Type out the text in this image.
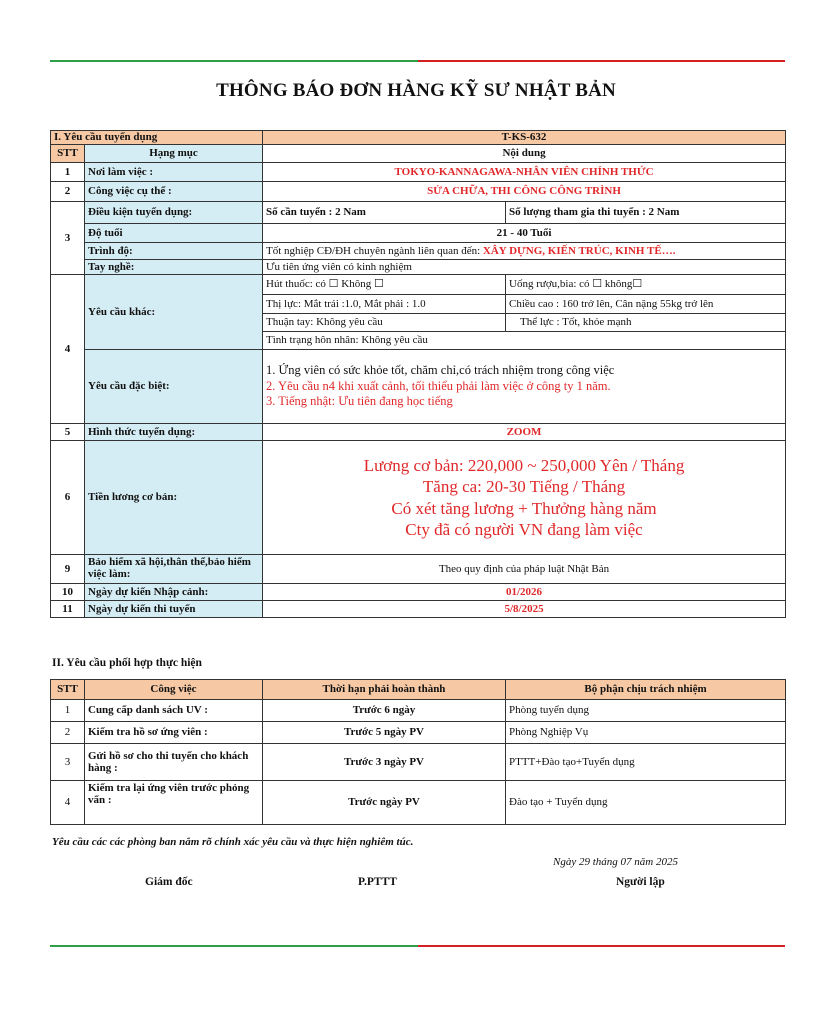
THÔNG BÁO ĐƠN HÀNG KỸ SƯ NHẬT BẢN
I. Yêu cầu tuyển dụng		T-KS-632	
STT	Hạng mục	Nội dung	
1	Nơi làm việc :	TOKYO-KANNAGAWA-NHÂN VIÊN CHÍNH THỨC	
2	Công việc cụ thể :	SỬA CHỮA, THI CÔNG CÔNG TRÌNH	
3	Điều kiện tuyển dụng:	Số cần tuyển : 2 Nam	Số lượng tham gia thi tuyển : 2 Nam
	Độ tuổi	21 - 40 Tuổi	
	Trình độ:	Tốt nghiệp CĐ/ĐH chuyên ngành liên quan đến: XÂY DỰNG, KIẾN TRÚC, KINH TẾ….	
	Tay nghề:	Ưu tiên ứng viên có kinh nghiệm	
4	Yêu cầu khác:	Hút thuốc: có ☐ Không ☐	Uống rượu,bia: có ☐ không☐
		Thị lực: Mắt trái :1.0, Mắt phải : 1.0	Chiều cao : 160 trở lên, Cân nặng 55kg trở lên
		Thuận tay: Không yêu cầu	Thể lực : Tốt, khỏe mạnh
		Tình trạng hôn nhân: Không yêu cầu	
	Yêu cầu đặc biệt:	1. Ứng viên có sức khỏe tốt, chăm chỉ,có trách nhiệm trong công việc
2. Yêu cầu n4 khi xuất cảnh, tối thiểu phải làm việc ở công ty 1 năm.
3. Tiếng nhật: Ưu tiên đang học tiếng	

5	Hình thức tuyển dụng:	ZOOM	
6	Tiền lương cơ bản:	Lương cơ bản: 220,000 ~ 250,000 Yên / Tháng
Tăng ca: 20-30 Tiếng / Tháng
Có xét tăng lương + Thưởng hàng năm
Cty đã có người VN đang làm việc	

9	Bảo hiểm xã hội,thân thể,bảo hiểm việc làm:	Theo quy định của pháp luật Nhật Bản	
10	Ngày dự kiến Nhập cảnh:	01/2026	
11	Ngày dự kiến thi tuyển	5/8/2025	
II. Yêu cầu phối hợp thực hiện
STT	Công việc	Thời hạn phải hoàn thành	Bộ phận chịu trách nhiệm
1	Cung cấp danh sách UV :	Trước 6 ngày	Phòng tuyển dụng
2	Kiểm tra hồ sơ ứng viên :	Trước 5 ngày PV	Phòng Nghiệp Vụ
3	Gửi hồ sơ cho thi tuyển cho khách hàng :	Trước 3 ngày PV	PTTT+Đào tạo+Tuyển dụng
4	Kiểm tra lại ứng viên trước phỏng vấn :	Trước ngày PV	Đào tạo + Tuyển dụng
Yêu cầu các các phòng ban nắm rõ chính xác yêu cầu và thực hiện nghiêm túc.
Ngày 29 tháng 07 năm 2025
Giám đốc	P.PTTT	Người lập
